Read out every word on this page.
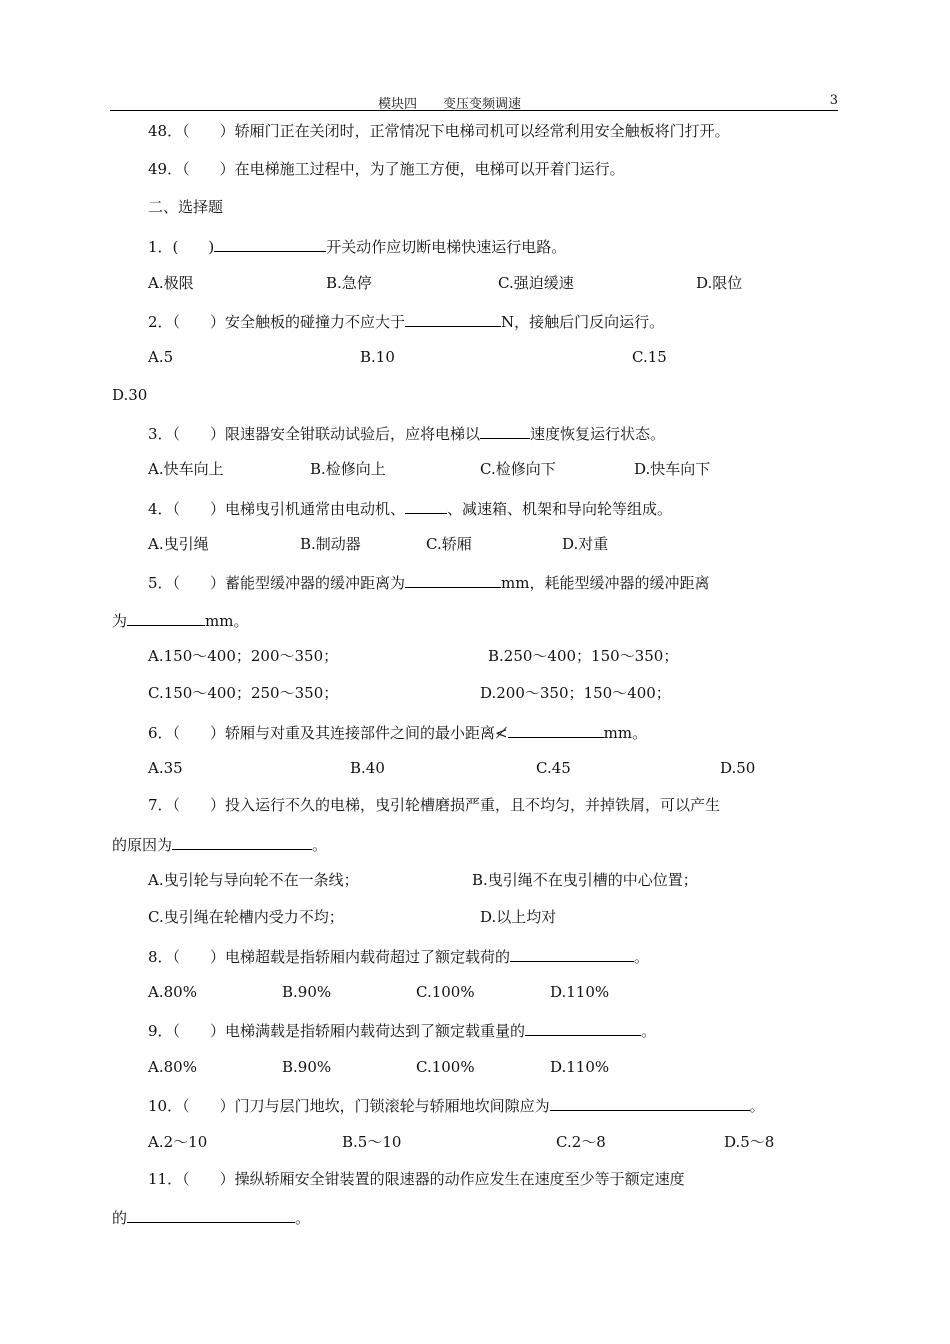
模块四　　变压变频调速	3
48．（　　）轿厢门正在关闭时，正常情况下电梯司机可以经常利用安全触板将门打开。
49．（　　）在电梯施工过程中，为了施工方便，电梯可以开着门运行。
二、选择题
1．(　　)	开关动作应切断电梯快速运行电路。
A.极限	B.急停	C.强迫缓速	D.限位
2．（　　）安全触板的碰撞力不应大于	N，接触后门反向运行。
A.5	B.10	C.15
D.30
3．（　　）限速器安全钳联动试验后，应将电梯以	速度恢复运行状态。
A.快车向上	B.检修向上	C.检修向下	D.快车向下
4．（　　）电梯曳引机通常由电动机、	、减速箱、机架和导向轮等组成。
A.曳引绳	B.制动器	C.轿厢	D.对重
5．（　　）蓄能型缓冲器的缓冲距离为	mm，耗能型缓冲器的缓冲距离
为	mm。
A.150～400；200～350；	B.250～400；150～350；
C.150～400；250～350；	D.200～350；150～400；
6．（　　）轿厢与对重及其连接部件之间的最小距离≮	mm。
A.35	B.40	C.45	D.50
7．（　　）投入运行不久的电梯，曳引轮槽磨损严重，且不均匀，并掉铁屑，可以产生
的原因为	。
A.曳引轮与导向轮不在一条线；	B.曳引绳不在曳引槽的中心位置；
C.曳引绳在轮槽内受力不均；	D.以上均对
8．（　　）电梯超载是指轿厢内载荷超过了额定载荷的	。
A.80%	B.90%	C.100%	D.110%
9．（　　）电梯满载是指轿厢内载荷达到了额定载重量的	。
A.80%	B.90%	C.100%	D.110%
10．（　　）门刀与层门地坎，门锁滚轮与轿厢地坎间隙应为	。
A.2～10	B.5～10	C.2～8	D.5～8
11．（　　）操纵轿厢安全钳装置的限速器的动作应发生在速度至少等于额定速度
的	。
